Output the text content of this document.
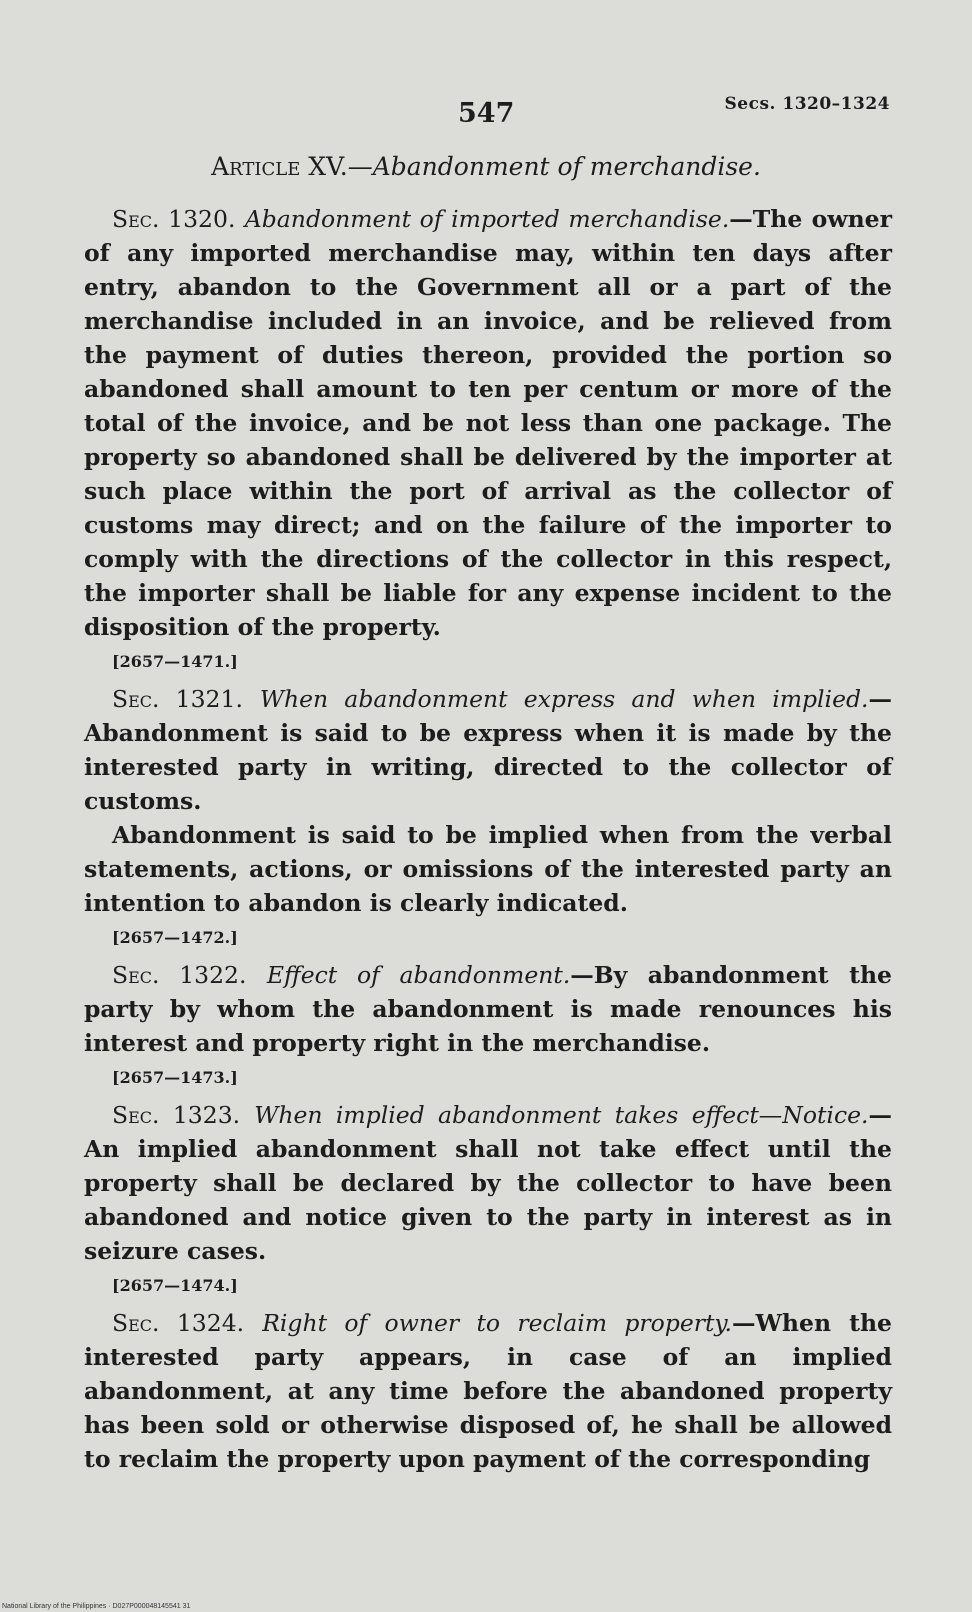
547	Secs. 1320–1324
Article XV.—Abandonment of merchandise.

Sec. 1320. Abandonment of imported merchandise.—The owner of any imported merchandise may, within ten days after entry, abandon to the Government all or a part of the merchandise included in an invoice, and be relieved from the payment of duties thereon, provided the portion so abandoned shall amount to ten per centum or more of the total of the invoice, and be not less than one package. The property so abandoned shall be delivered by the importer at such place within the port of arrival as the collector of customs may direct; and on the failure of the importer to comply with the directions of the collector in this respect, the importer shall be liable for any expense incident to the disposition of the property.

[2657—1471.]

Sec. 1321. When abandonment express and when implied.—Abandonment is said to be express when it is made by the interested party in writing, directed to the collector of customs.

Abandonment is said to be implied when from the verbal statements, actions, or omissions of the interested party an intention to abandon is clearly indicated.

[2657—1472.]

Sec. 1322. Effect of abandonment.—By abandonment the party by whom the abandonment is made renounces his interest and property right in the merchandise.

[2657—1473.]

Sec. 1323. When implied abandonment takes effect—Notice.—An implied abandonment shall not take effect until the property shall be declared by the collector to have been abandoned and notice given to the party in interest as in seizure cases.

[2657—1474.]

Sec. 1324. Right of owner to reclaim property.—When the interested party appears, in case of an implied abandonment, at any time before the abandoned property has been sold or otherwise disposed of, he shall be allowed to reclaim the property upon payment of the corresponding

National Library of the Philippines · D027P000048145541 31
